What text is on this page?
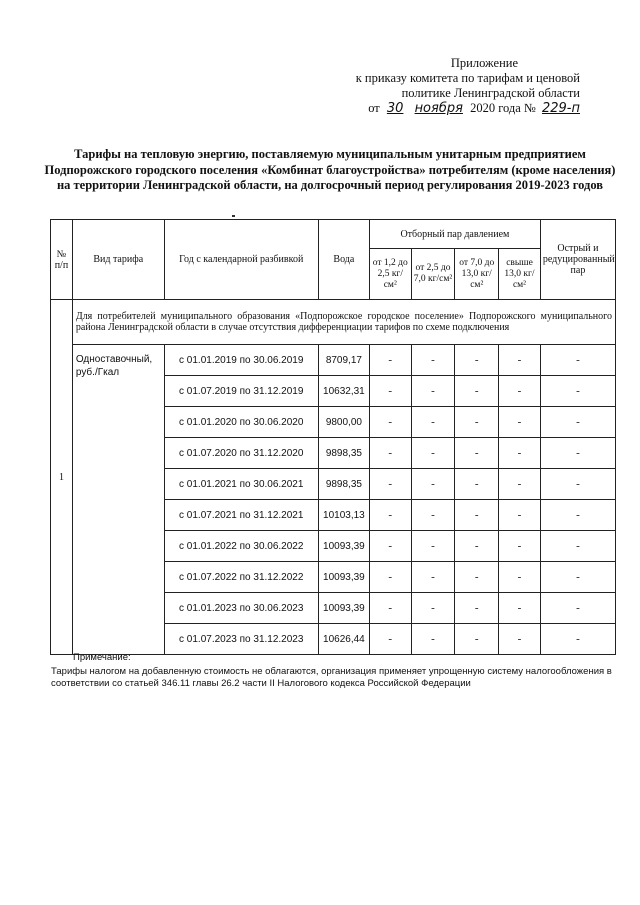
Приложение
к приказу комитета по тарифам и ценовой
политике Ленинградской области
от 30 ноября 2020 года № 229-п
Тарифы на тепловую энергию, поставляемую муниципальным унитарным предприятием Подпорожского городского поселения «Комбинат благоустройства» потребителям (кроме населения) на территории Ленинградской области, на долгосрочный период регулирования 2019-2023 годов
№ п/п	Вид тарифа	Год с календарной разбивкой	Вода	Отборный пар давлением				Острый и редуцированный пар
				от 1,2 до 2,5 кг/см²	от 2,5 до 7,0 кг/см²	от 7,0 до 13,0 кг/см²	свыше 13,0 кг/см²	
1	Для потребителей муниципального образования «Подпорожское городское поселение» Подпорожского муниципального района Ленинградской области в случае отсутствия дифференциации тарифов по схеме подключения							
	Одноставочный, руб./Гкал	с 01.01.2019 по 30.06.2019	8709,17	-	-	-	-	-
		с 01.07.2019 по 31.12.2019	10632,31	-	-	-	-	-
		с 01.01.2020 по 30.06.2020	9800,00	-	-	-	-	-
		с 01.07.2020 по 31.12.2020	9898,35	-	-	-	-	-
		с 01.01.2021 по 30.06.2021	9898,35	-	-	-	-	-
		с 01.07.2021 по 31.12.2021	10103,13	-	-	-	-	-
		с 01.01.2022 по 30.06.2022	10093,39	-	-	-	-	-
		с 01.07.2022 по 31.12.2022	10093,39	-	-	-	-	-
		с 01.01.2023 по 30.06.2023	10093,39	-	-	-	-	-
		с 01.07.2023 по 31.12.2023	10626,44	-	-	-	-	-
Примечание:
Тарифы налогом на добавленную стоимость не облагаются, организация применяет упрощенную систему налогообложения в соответствии со статьей 346.11 главы 26.2 части II Налогового кодекса Российской Федерации
